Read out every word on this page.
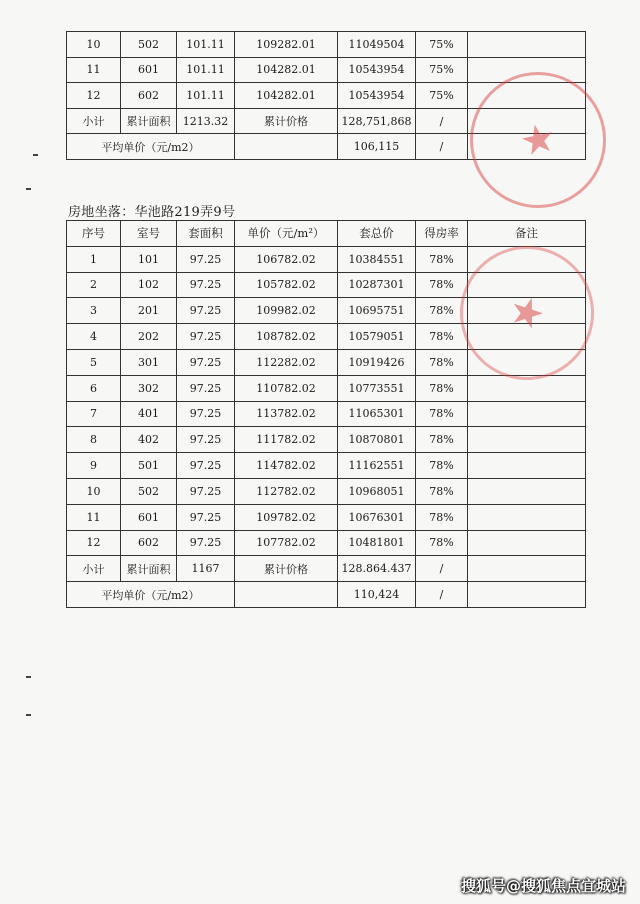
10	502	101.11	109282.01	11049504	75%	
11	601	101.11	104282.01	10543954	75%	
12	602	101.11	104282.01	10543954	75%	
小计	累计面积	1213.32	累计价格	128,751,868	/	
平均单价（元/m2）				106,115	/	
房地坐落：华池路219弄9号
序号	室号	套面积	单价（元/m²）	套总价	得房率	备注
1	101	97.25	106782.02	10384551	78%	
2	102	97.25	105782.02	10287301	78%	
3	201	97.25	109982.02	10695751	78%	
4	202	97.25	108782.02	10579051	78%	
5	301	97.25	112282.02	10919426	78%	
6	302	97.25	110782.02	10773551	78%	
7	401	97.25	113782.02	11065301	78%	
8	402	97.25	111782.02	10870801	78%	
9	501	97.25	114782.02	11162551	78%	
10	502	97.25	112782.02	10968051	78%	
11	601	97.25	109782.02	10676301	78%	
12	602	97.25	107782.02	10481801	78%	
小计	累计面积	1167	累计价格	128.864.437	/	
平均单价（元/m2）				110,424	/	
★
★
搜狐号@搜狐焦点宜城站
